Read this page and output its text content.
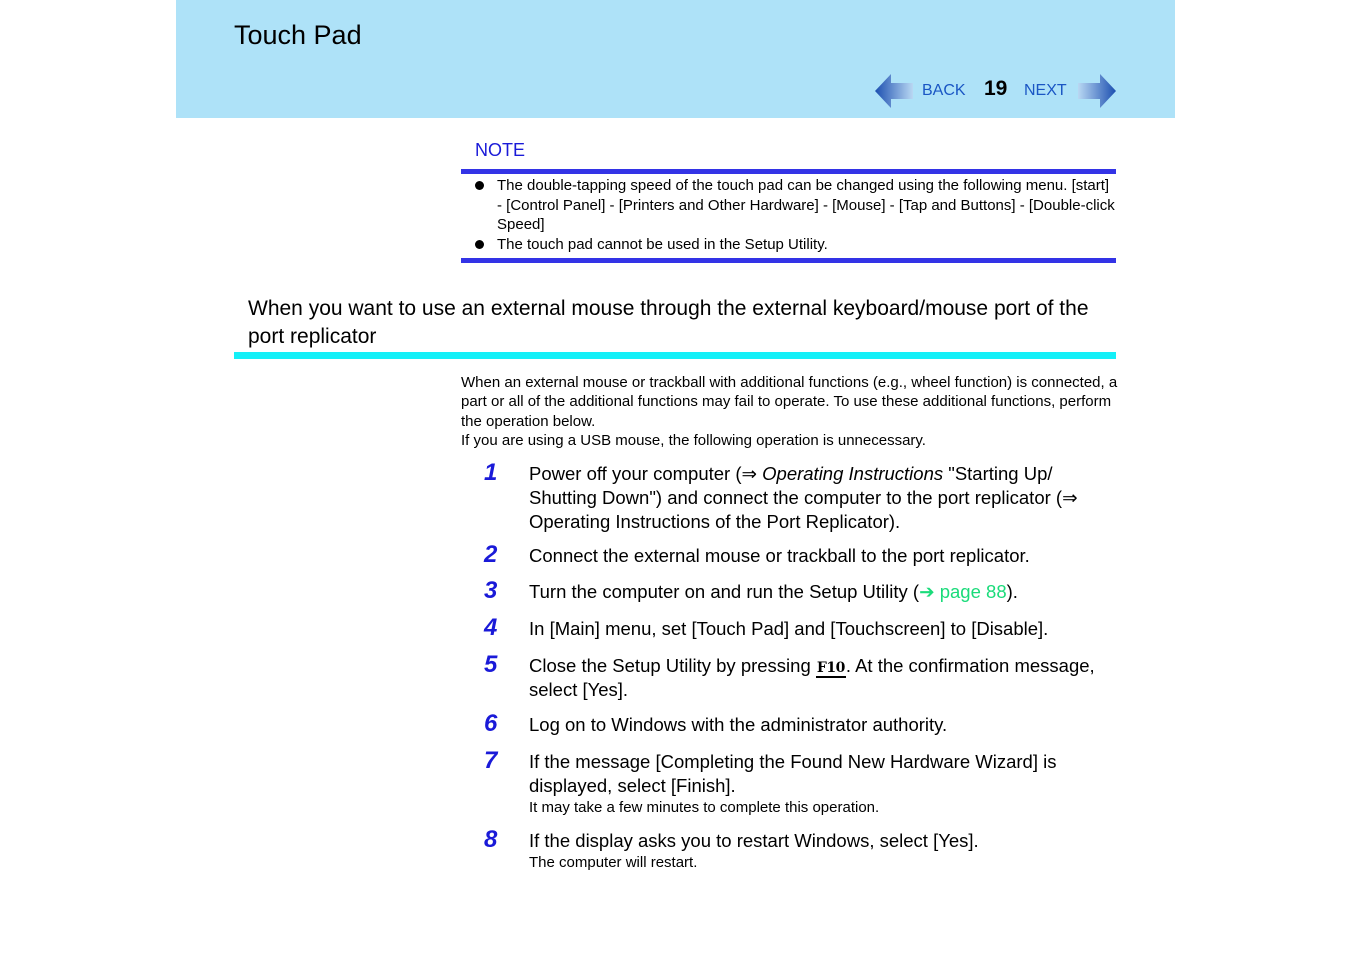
Touch Pad
BACK 19 NEXT
NOTE
The double-tapping speed of the touch pad can be changed using the following menu. [start] - [Control Panel] - [Printers and Other Hardware] - [Mouse] - [Tap and Buttons] - [Double-click Speed]
The touch pad cannot be used in the Setup Utility.
When you want to use an external mouse through the external keyboard/mouse port of the port replicator

When an external mouse or trackball with additional functions (e.g., wheel function) is connected, a part or all of the additional functions may fail to operate. To use these additional functions, perform the operation below.

If you are using a USB mouse, the following operation is unnecessary.

1 Power off your computer (⇒ Operating Instructions "Starting Up/ Shutting Down") and connect the computer to the port replicator (⇒ Operating Instructions of the Port Replicator).
2 Connect the external mouse or trackball to the port replicator.
3 Turn the computer on and run the Setup Utility (➔ page 88).
4 In [Main] menu, set [Touch Pad] and [Touchscreen] to [Disable].
5 Close the Setup Utility by pressing F10. At the confirmation message, select [Yes].
6 Log on to Windows with the administrator authority.
7 If the message [Completing the Found New Hardware Wizard] is displayed, select [Finish].
It may take a few minutes to complete this operation.
8 If the display asks you to restart Windows, select [Yes].
The computer will restart.
